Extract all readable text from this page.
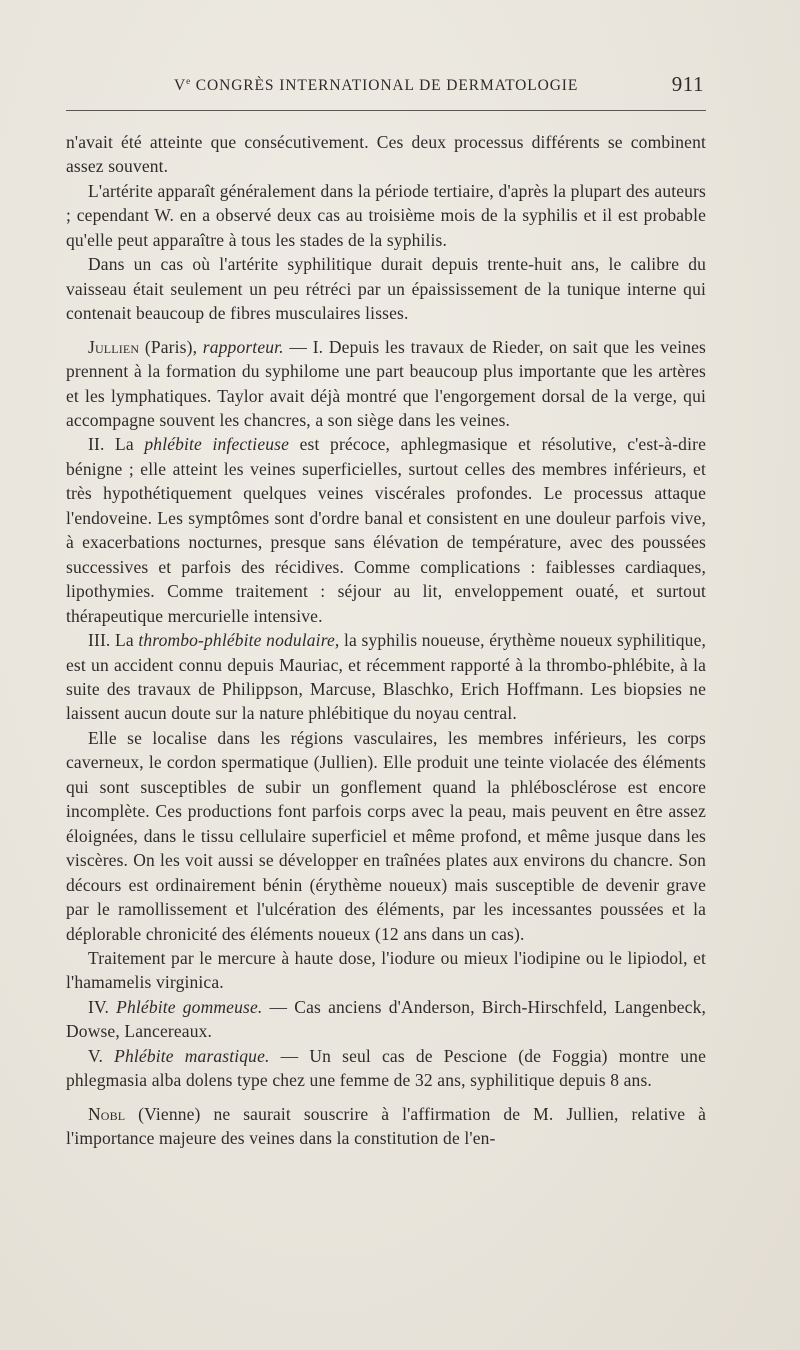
Ve CONGRÈS INTERNATIONAL DE DERMATOLOGIE	911

n'avait été atteinte que consécutivement. Ces deux processus différents se combinent assez souvent.

L'artérite apparaît généralement dans la période tertiaire, d'après la plupart des auteurs ; cependant W. en a observé deux cas au troisième mois de la syphilis et il est probable qu'elle peut apparaître à tous les stades de la syphilis.

Dans un cas où l'artérite syphilitique durait depuis trente-huit ans, le calibre du vaisseau était seulement un peu rétréci par un épaississement de la tunique interne qui contenait beaucoup de fibres musculaires lisses.

Jullien (Paris), rapporteur. — I. Depuis les travaux de Rieder, on sait que les veines prennent à la formation du syphilome une part beaucoup plus importante que les artères et les lymphatiques. Taylor avait déjà montré que l'engorgement dorsal de la verge, qui accompagne souvent les chancres, a son siège dans les veines.

II. La phlébite infectieuse est précoce, aphlegmasique et résolutive, c'est-à-dire bénigne ; elle atteint les veines superficielles, surtout celles des membres inférieurs, et très hypothétiquement quelques veines viscérales profondes. Le processus attaque l'endoveine. Les symptômes sont d'ordre banal et consistent en une douleur parfois vive, à exacerbations nocturnes, presque sans élévation de température, avec des poussées successives et parfois des récidives. Comme complications : faiblesses cardiaques, lipothymies. Comme traitement : séjour au lit, enveloppement ouaté, et surtout thérapeutique mercurielle intensive.

III. La thrombo-phlébite nodulaire, la syphilis noueuse, érythème noueux syphilitique, est un accident connu depuis Mauriac, et récemment rapporté à la thrombo-phlébite, à la suite des travaux de Philippson, Marcuse, Blaschko, Erich Hoffmann. Les biopsies ne laissent aucun doute sur la nature phlébitique du noyau central.

Elle se localise dans les régions vasculaires, les membres inférieurs, les corps caverneux, le cordon spermatique (Jullien). Elle produit une teinte violacée des éléments qui sont susceptibles de subir un gonflement quand la phlébosclérose est encore incomplète. Ces productions font parfois corps avec la peau, mais peuvent en être assez éloignées, dans le tissu cellulaire superficiel et même profond, et même jusque dans les viscères. On les voit aussi se développer en traînées plates aux environs du chancre. Son décours est ordinairement bénin (érythème noueux) mais susceptible de devenir grave par le ramollissement et l'ulcération des éléments, par les incessantes poussées et la déplorable chronicité des éléments noueux (12 ans dans un cas).

Traitement par le mercure à haute dose, l'iodure ou mieux l'iodipine ou le lipiodol, et l'hamamelis virginica.

IV. Phlébite gommeuse. — Cas anciens d'Anderson, Birch-Hirschfeld, Langenbeck, Dowse, Lancereaux.

V. Phlébite marastique. — Un seul cas de Pescione (de Foggia) montre une phlegmasia alba dolens type chez une femme de 32 ans, syphilitique depuis 8 ans.

Nobl (Vienne) ne saurait souscrire à l'affirmation de M. Jullien, relative à l'importance majeure des veines dans la constitution de l'en-
